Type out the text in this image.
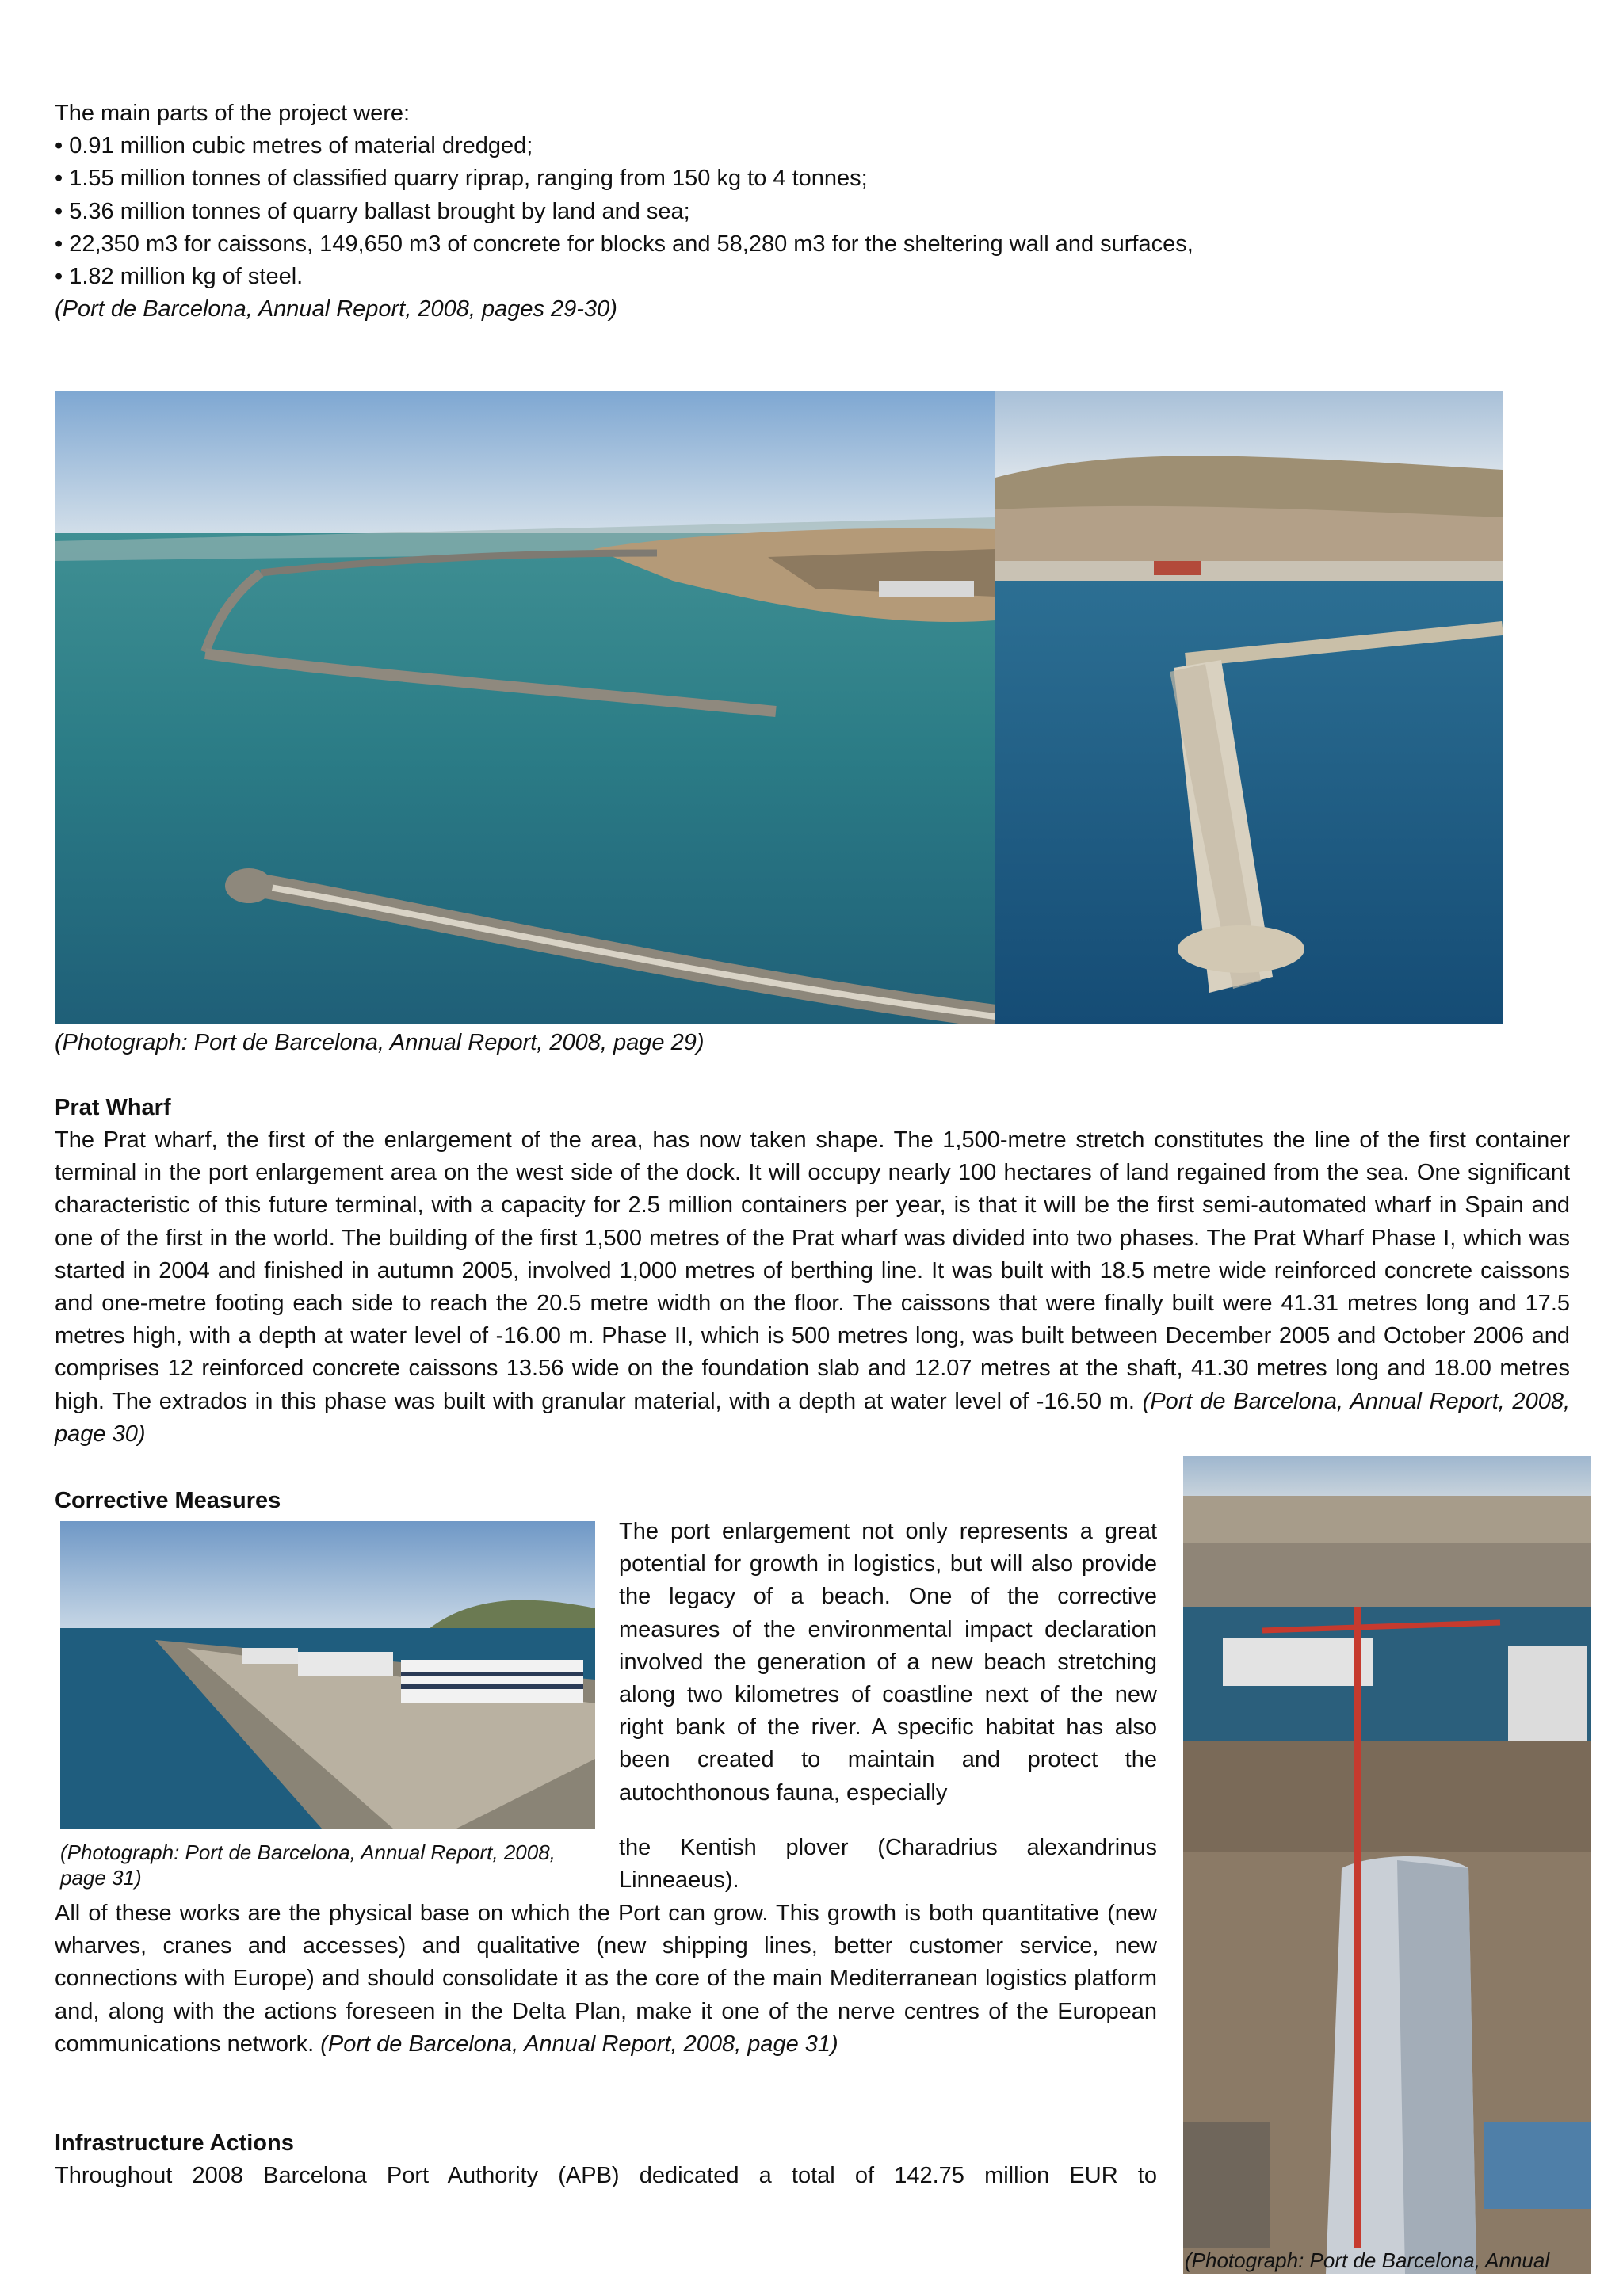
The main parts of the project were:
• 0.91 million cubic metres of material dredged;
• 1.55 million tonnes of classified quarry riprap, ranging from 150 kg to 4 tonnes;
• 5.36 million tonnes of quarry ballast brought by land and sea;
• 22,350 m3 for caissons, 149,650 m3 of concrete for blocks and 58,280 m3 for the sheltering wall and surfaces,
• 1.82 million kg of steel.
(Port de Barcelona, Annual Report, 2008, pages 29-30)
(Photograph: Port de Barcelona, Annual Report, 2008, page 29)
Prat Wharf
The Prat wharf, the first of the enlargement of the area, has now taken shape. The 1,500-metre stretch constitutes the line of the first container terminal in the port enlargement area on the west side of the dock. It will occupy nearly 100 hectares of land regained from the sea. One significant characteristic of this future terminal, with a capacity for 2.5 million containers per year, is that it will be the first semi-automated wharf in Spain and one of the first in the world. The building of the first 1,500 metres of the Prat wharf was divided into two phases. The Prat Wharf Phase I, which was started in 2004 and finished in autumn 2005, involved 1,000 metres of berthing line. It was built with 18.5 metre wide reinforced concrete caissons and one-metre footing each side to reach the 20.5 metre width on the floor. The caissons that were finally built were 41.31 metres long and 17.5 metres high, with a depth at water level of -16.00 m. Phase II, which is 500 metres long, was built between December 2005 and October 2006 and comprises 12 reinforced concrete caissons 13.56 wide on the foundation slab and 12.07 metres at the shaft, 41.30 metres long and 18.00 metres high. The extrados in this phase was built with granular material, with a depth at water level of -16.50 m. (Port de Barcelona, Annual Report, 2008, page 30)
Corrective Measures
(Photograph: Port de Barcelona, Annual Report, 2008, page 31)
The port enlargement not only represents a great potential for growth in logistics, but will also provide the legacy of a beach. One of the corrective measures of the environmental impact declaration involved the generation of a new beach stretching along two kilometres of coastline next of the new right bank of the river. A specific habitat has also been created to maintain and protect the autochthonous fauna, especially
the Kentish plover (Charadrius alexandrinus Linneaeus).
All of these works are the physical base on which the Port can grow. This growth is both quantitative (new wharves, cranes and accesses) and qualitative (new shipping lines, better customer service, new connections with Europe) and should consolidate it as the core of the main Mediterranean logistics platform and, along with the actions foreseen in the Delta Plan, make it one of the nerve centres of the European communications network. (Port de Barcelona, Annual Report, 2008, page 31)
Infrastructure Actions
Throughout 2008 Barcelona Port Authority (APB) dedicated a total of 142.75 million EUR to
(Photograph: Port de Barcelona, Annual
